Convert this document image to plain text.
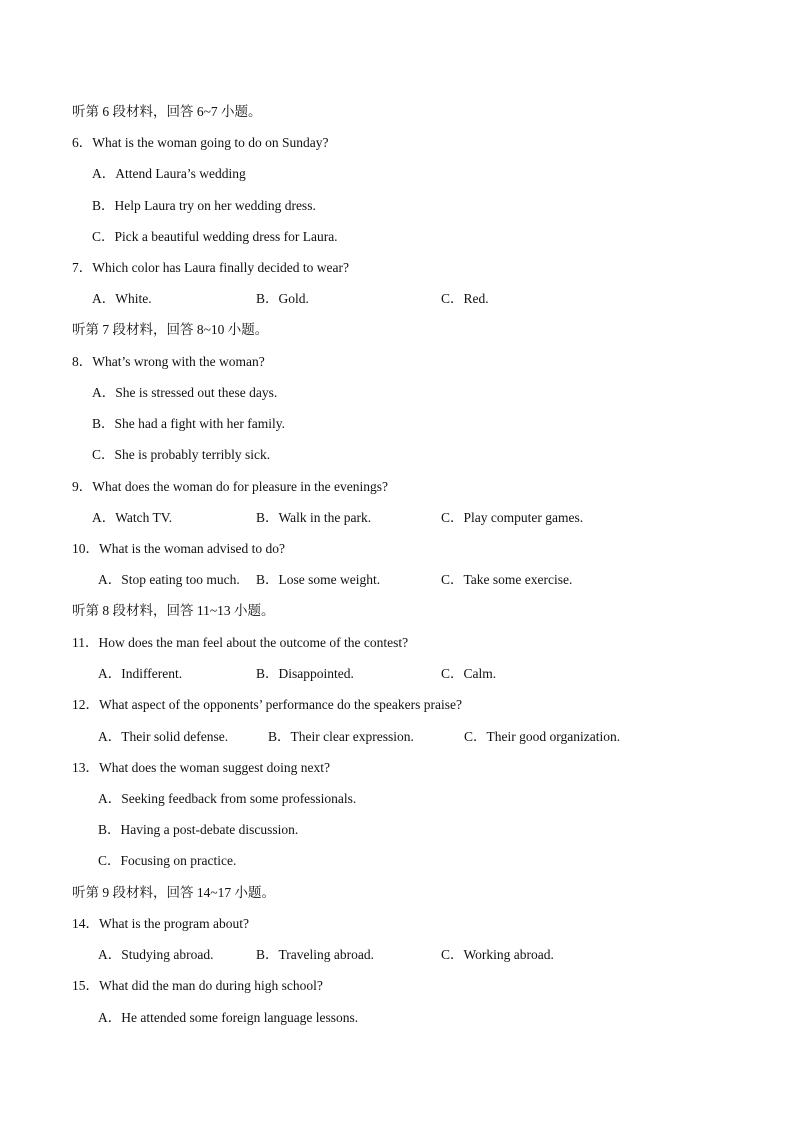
听第 6 段材料，回答 6~7 小题。
6．What is the woman going to do on Sunday?
A．Attend Laura’s wedding
B．Help Laura try on her wedding dress.
C．Pick a beautiful wedding dress for Laura.
7．Which color has Laura finally decided to wear?
A．White.	B．Gold.	C．Red.
听第 7 段材料，回答 8~10 小题。
8．What’s wrong with the woman?
A．She is stressed out these days.
B．She had a fight with her family.
C．She is probably terribly sick.
9．What does the woman do for pleasure in the evenings?
A．Watch TV.	B．Walk in the park.	C．Play computer games.
10．What is the woman advised to do?
A．Stop eating too much. B．Lose some weight.	C．Take some exercise.
听第 8 段材料，回答 11~13 小题。
11．How does the man feel about the outcome of the contest?
A．Indifferent.	B．Disappointed.	C．Calm.
12．What aspect of the opponents’ performance do the speakers praise?
A．Their solid defense.	B．Their clear expression.	C．Their good organization.
13．What does the woman suggest doing next?
A．Seeking feedback from some professionals.
B．Having a post-debate discussion.
C．Focusing on practice.
听第 9 段材料，回答 14~17 小题。
14．What is the program about?
A．Studying abroad.	B．Traveling abroad.	C．Working abroad.
15．What did the man do during high school?
A．He attended some foreign language lessons.
